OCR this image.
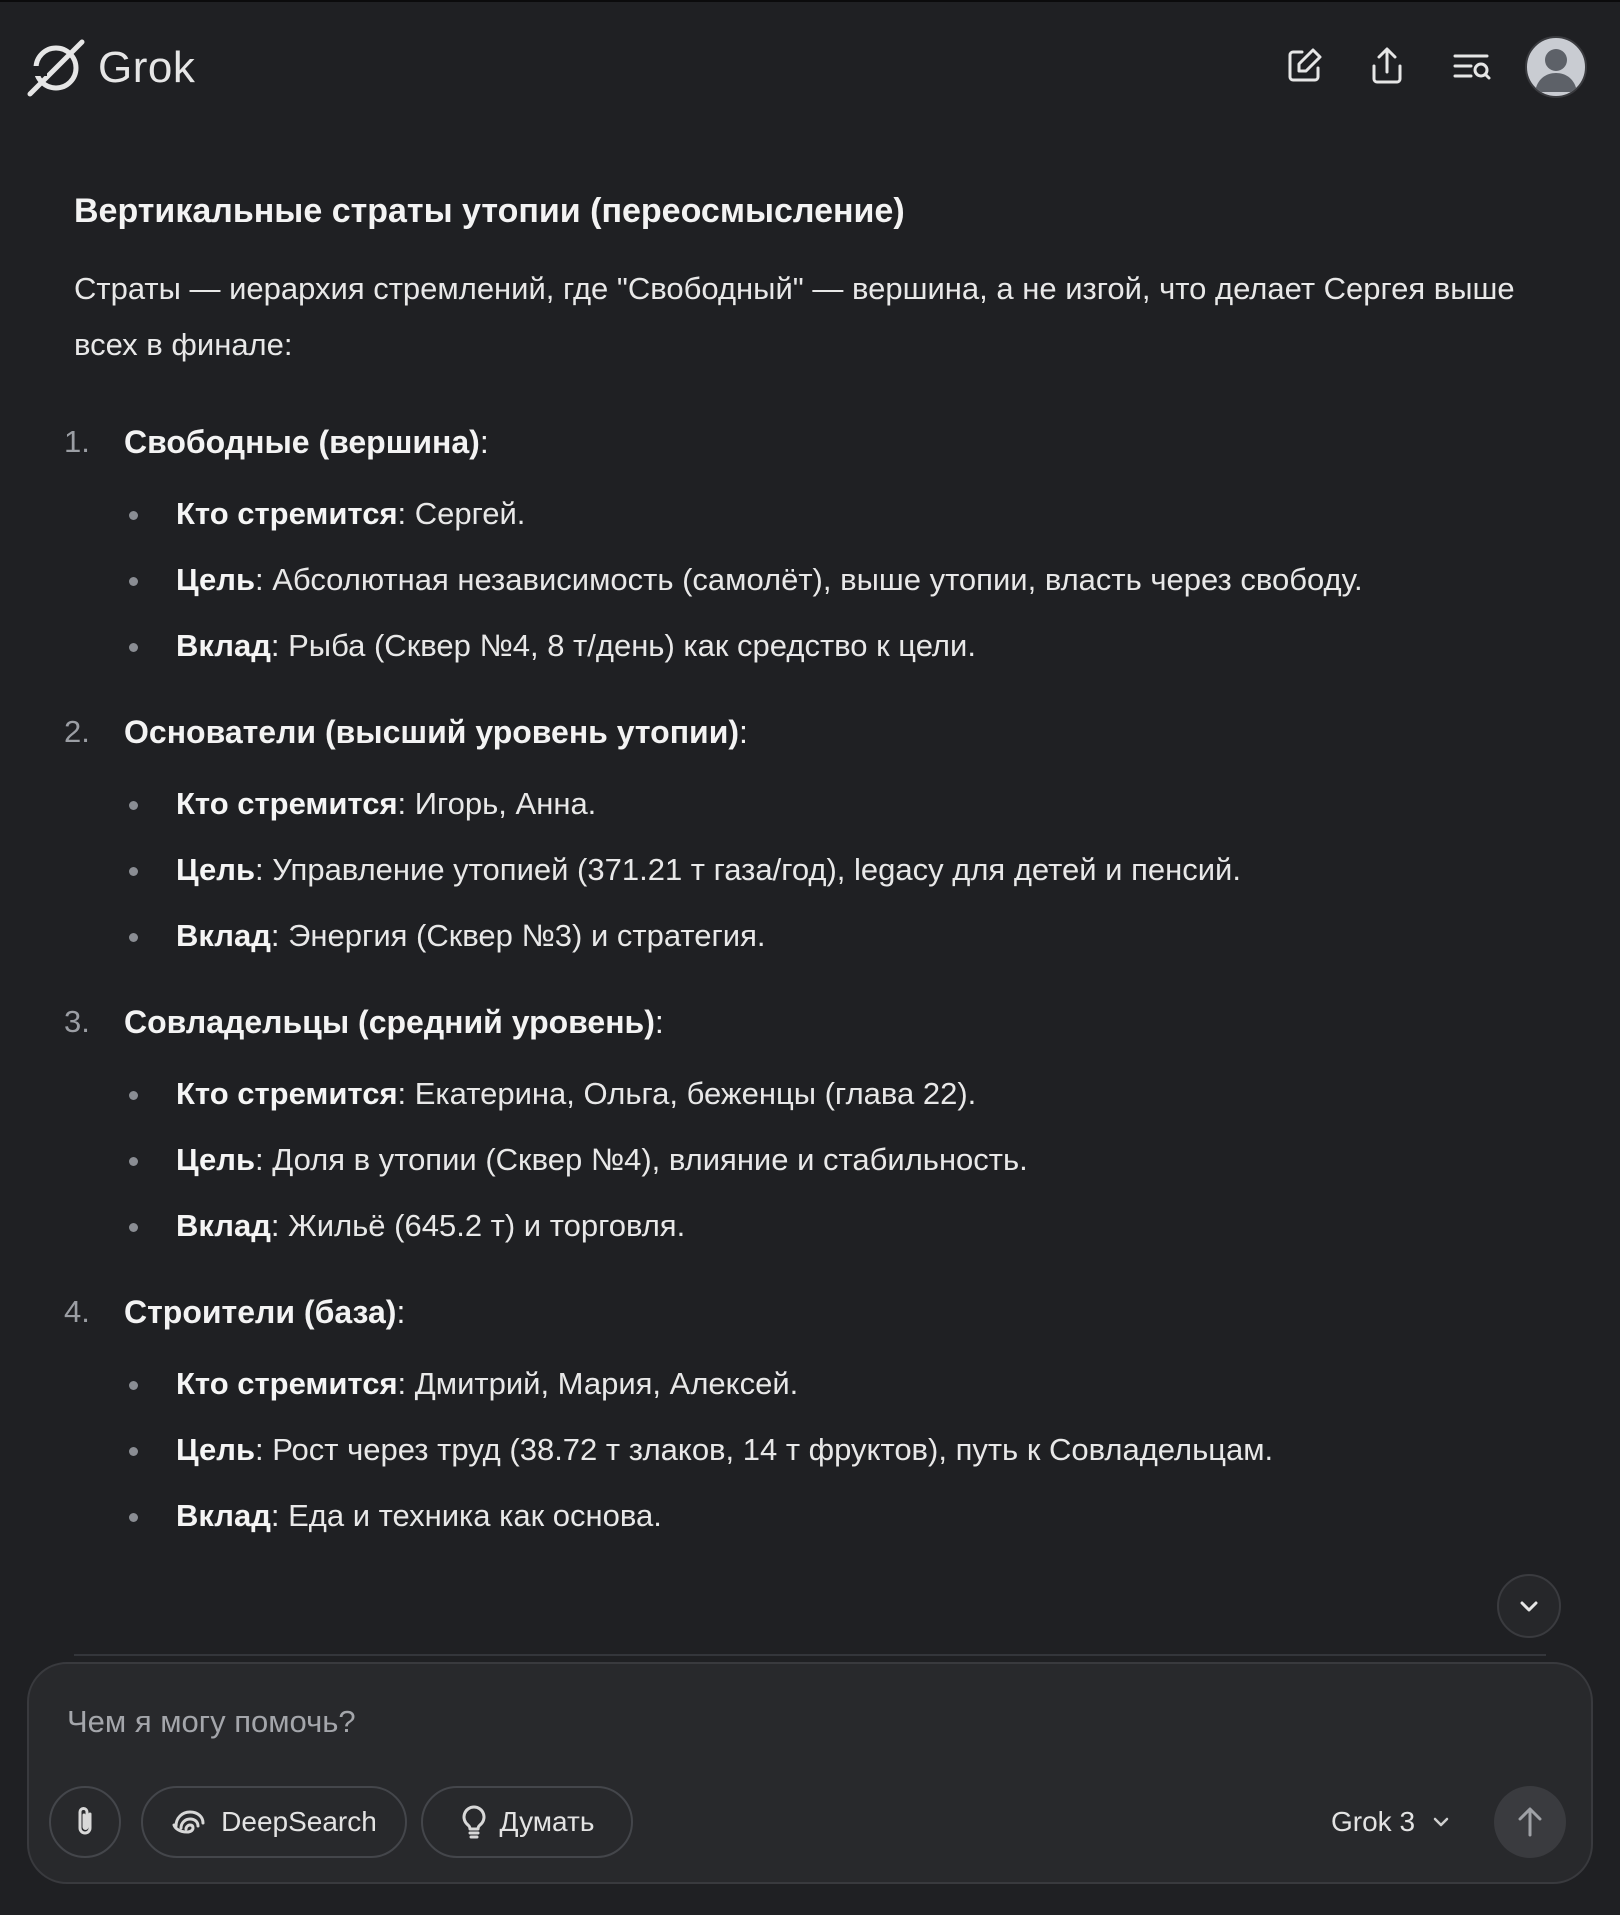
Grok
Вертикальные страты утопии (переосмысление)

Страты — иерархия стремлений, где "Свободный" — вершина, а не изгой, что делает Сергея выше всех в финале:

1.	Свободные (вершина):
Кто стремится: Сергей.
Цель: Абсолютная независимость (самолёт), выше утопии, власть через свободу.
Вклад: Рыба (Сквер №4, 8 т/день) как средство к цели.
2.	Основатели (высший уровень утопии):
Кто стремится: Игорь, Анна.
Цель: Управление утопией (371.21 т газа/год), legacy для детей и пенсий.
Вклад: Энергия (Сквер №3) и стратегия.
3.	Совладельцы (средний уровень):
Кто стремится: Екатерина, Ольга, беженцы (глава 22).
Цель: Доля в утопии (Сквер №4), влияние и стабильность.
Вклад: Жильё (645.2 т) и торговля.
4.	Строители (база):
Кто стремится: Дмитрий, Мария, Алексей.
Цель: Рост через труд (38.72 т злаков, 14 т фруктов), путь к Совладельцам.
Вклад: Еда и техника как основа.
Чем я могу помочь?
DeepSearch	Думать	Grok 3
